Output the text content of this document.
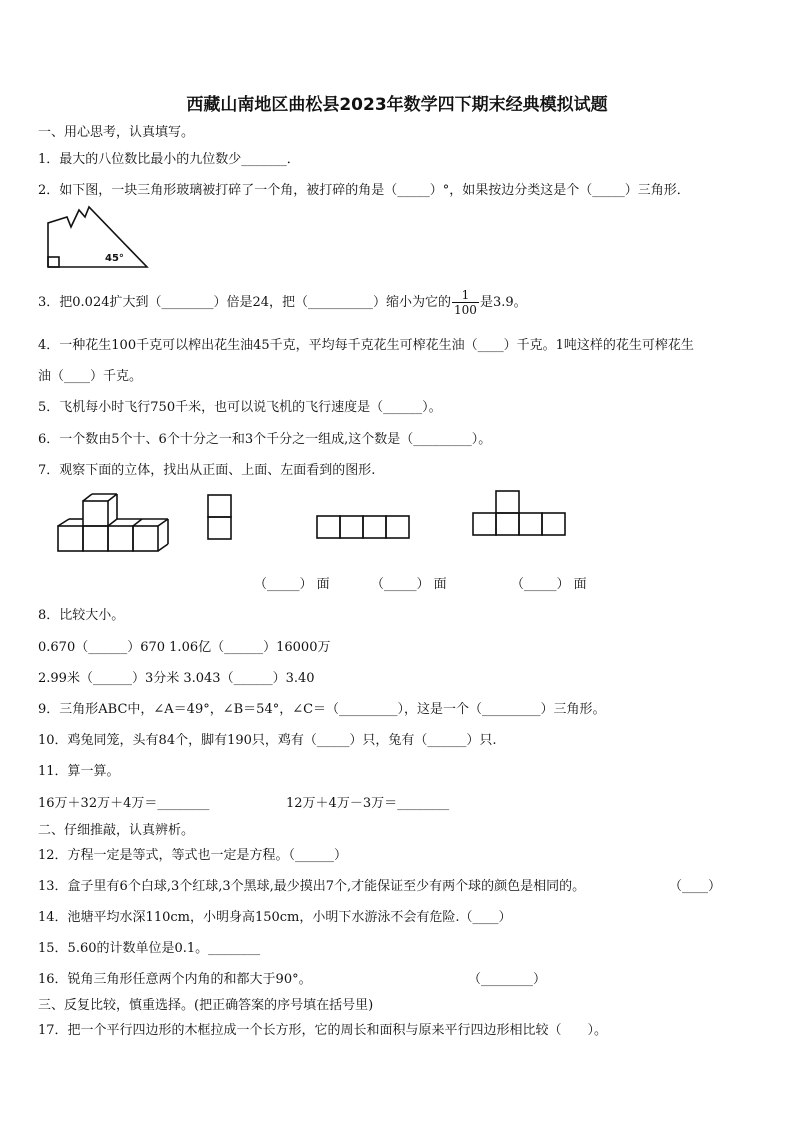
西藏山南地区曲松县2023年数学四下期末经典模拟试题
一、用心思考，认真填写。
1．最大的八位数比最小的九位数少_______．
2．如下图，一块三角形玻璃被打碎了一个角，被打碎的角是（_____）°，如果按边分类这是个（_____）三角形．
45°
3．把0.024扩大到（________）倍是24，把（__________）缩小为它的 $\frac{1}{100}$ 是3.9。
4．一种花生100千克可以榨出花生油45千克，平均每千克花生可榨花生油（____）千克。1吨这样的花生可榨花生
油（____）千克。
5．飞机每小时飞行750千米，也可以说飞机的飞行速度是（______）。
6．一个数由5个十、6个十分之一和3个千分之一组成,这个数是（_________）。
7．观察下面的立体，找出从正面、上面、左面看到的图形.
（_____） 面	（_____） 面	（_____） 面
8．比较大小。
0.670（______）670 1.06亿（______）16000万
2.99米（______）3分米 3.043（______）3.40
9．三角形ABC中，∠A＝49°，∠B＝54°，∠C＝（_________），这是一个（_________）三角形。
10．鸡兔同笼，头有84个，脚有190只，鸡有（_____）只，兔有（______）只.
11．算一算。
16万＋32万＋4万＝________	12万＋4万－3万＝________
二、仔细推敲，认真辨析。
12．方程一定是等式，等式也一定是方程。（______）
13．盒子里有6个白球,3个红球,3个黑球,最少摸出7个,才能保证至少有两个球的颜色是相同的。	（____）
14．池塘平均水深110cm，小明身高150cm，小明下水游泳不会有危险.（____）
15．5.60的计数单位是0.1。________
16．锐角三角形任意两个内角的和都大于90°。	（________）
三、反复比较，慎重选择。(把正确答案的序号填在括号里)
17．把一个平行四边形的木框拉成一个长方形，它的周长和面积与原来平行四边形相比较（　　）。
